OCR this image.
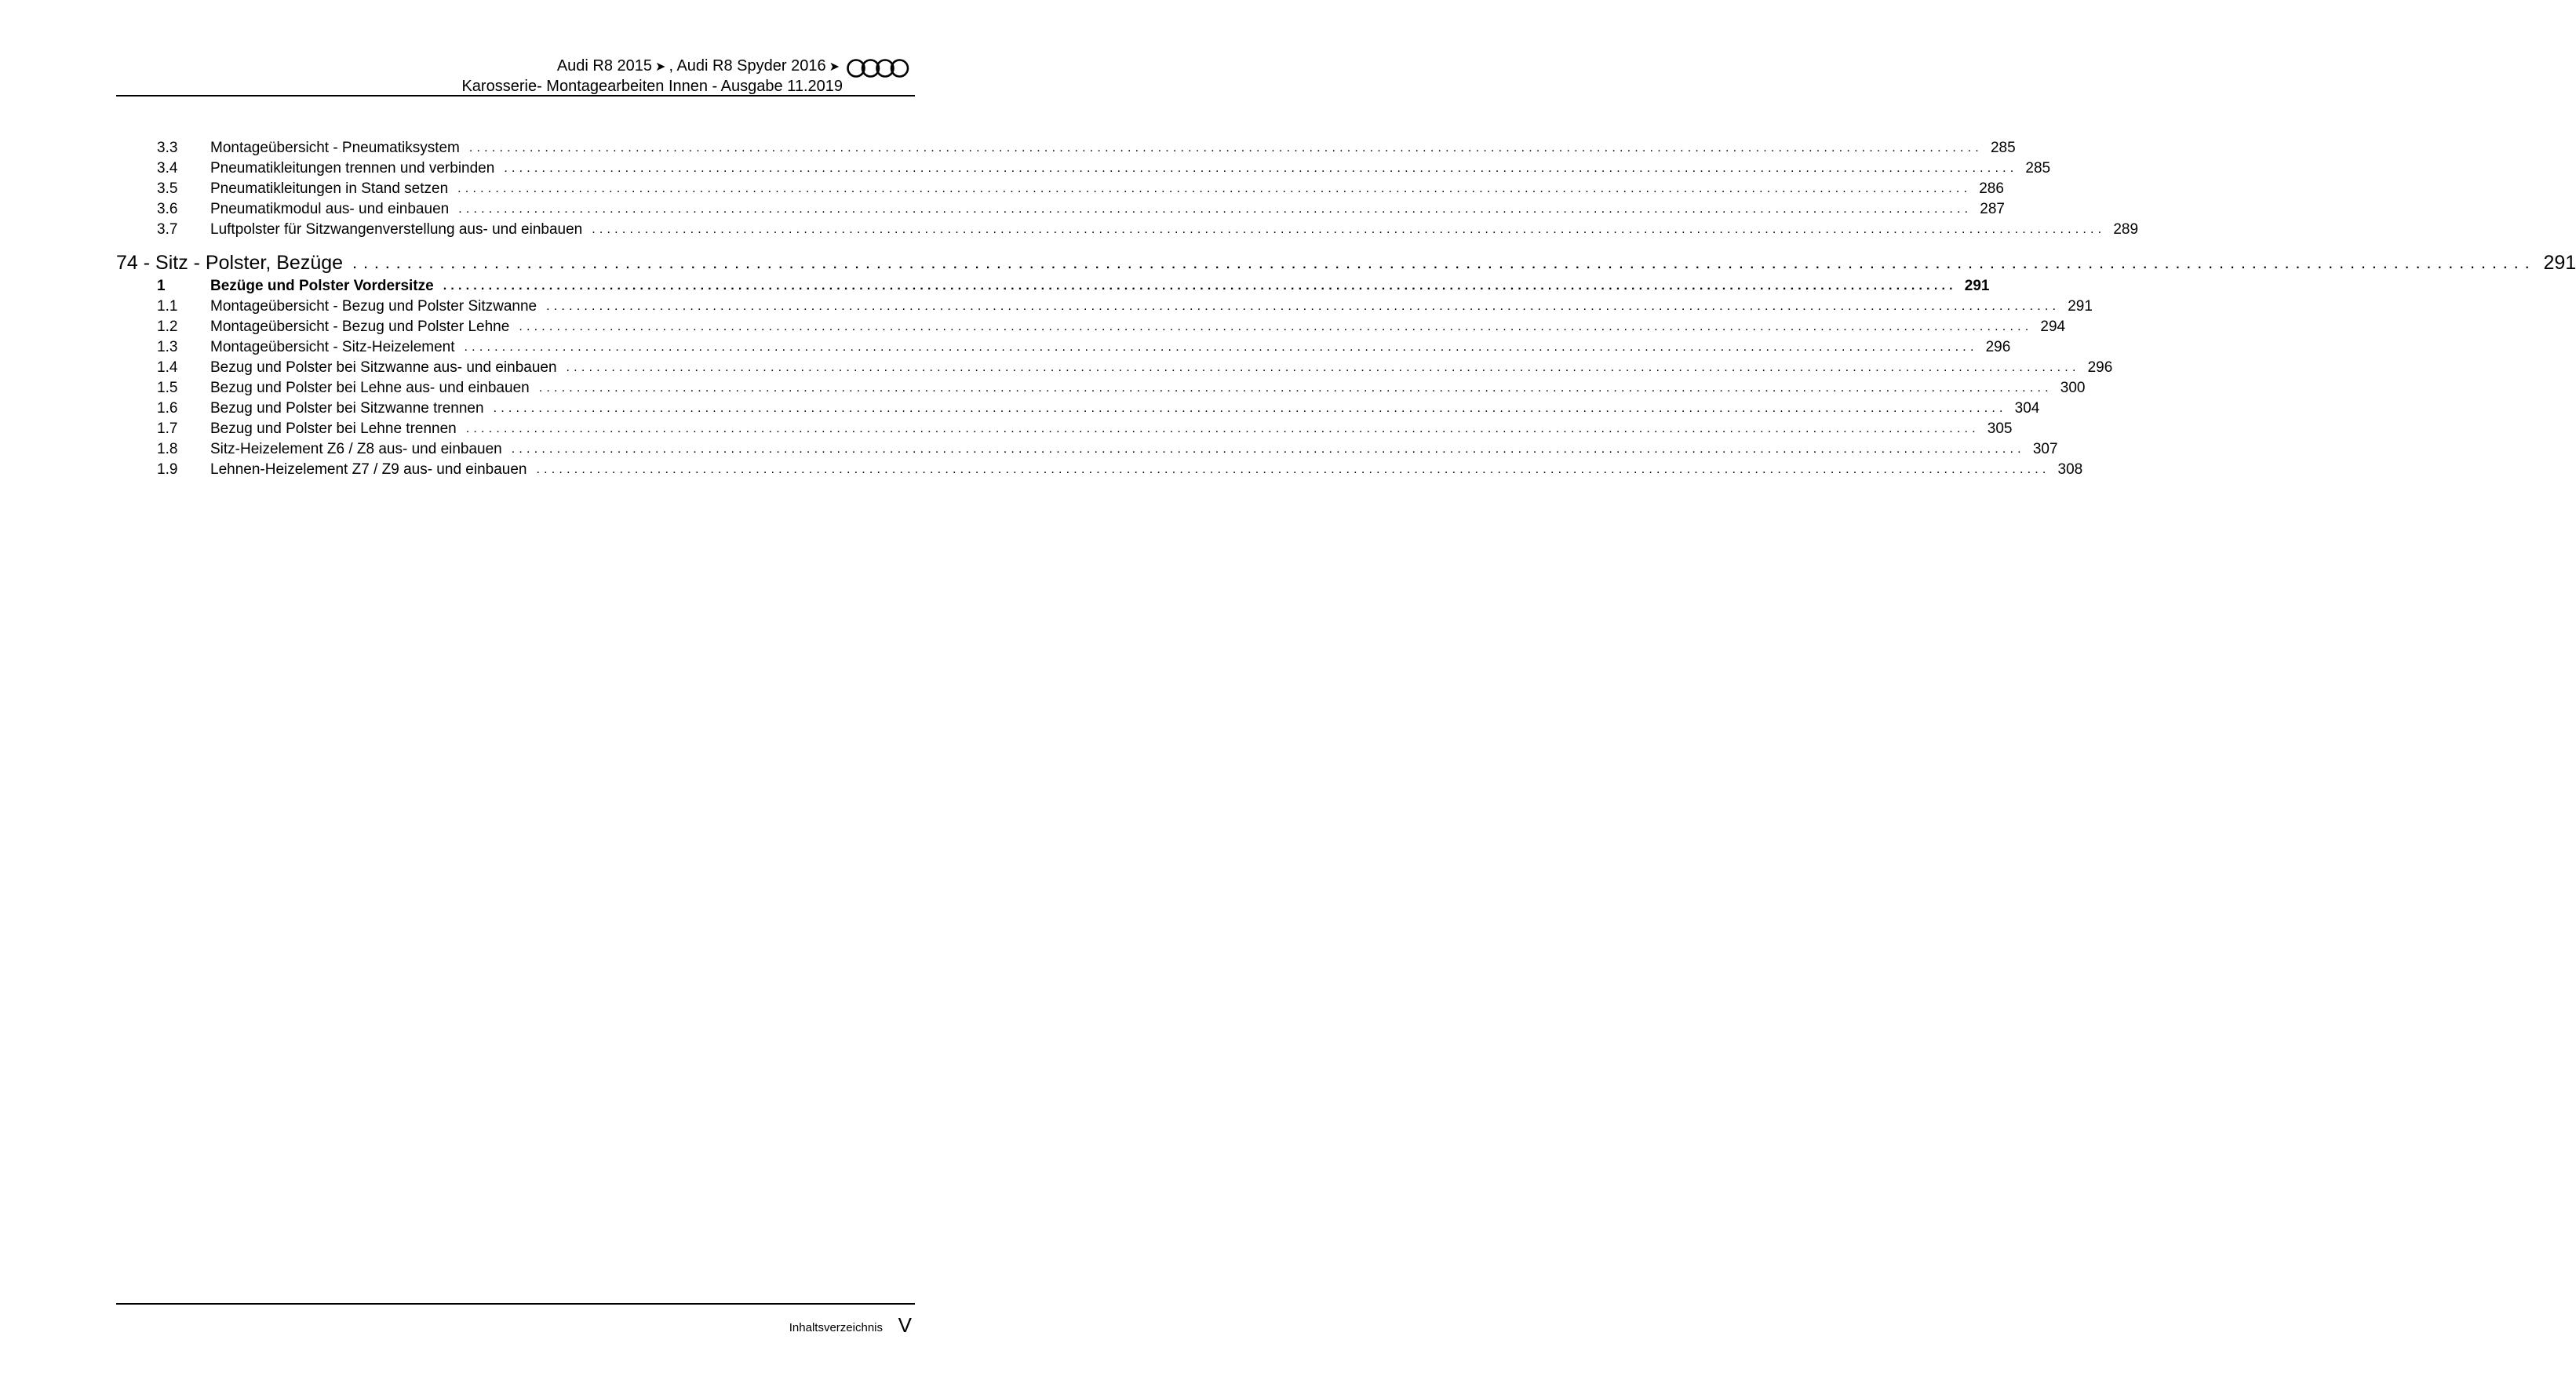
Audi R8 2015 ➤ , Audi R8 Spyder 2016 ➤
Karosserie- Montagearbeiten Innen - Ausgabe 11.2019
3.3	Montageübersicht - Pneumatiksystem ........................................................................................................................................................................................................ 285
3.4	Pneumatikleitungen trennen und verbinden ........................................................................................................................................................................................................ 285
3.5	Pneumatikleitungen in Stand setzen ........................................................................................................................................................................................................ 286
3.6	Pneumatikmodul aus- und einbauen ........................................................................................................................................................................................................ 287
3.7	Luftpolster für Sitzwangenverstellung aus- und einbauen ........................................................................................................................................................................................................ 289
74 - Sitz - Polster, Bezüge ........................................................................................................................................................................................................ 291
1	Bezüge und Polster Vordersitze ........................................................................................................................................................................................................ 291
1.1	Montageübersicht - Bezug und Polster Sitzwanne ........................................................................................................................................................................................................ 291
1.2	Montageübersicht - Bezug und Polster Lehne ........................................................................................................................................................................................................ 294
1.3	Montageübersicht - Sitz-Heizelement ........................................................................................................................................................................................................ 296
1.4	Bezug und Polster bei Sitzwanne aus- und einbauen ........................................................................................................................................................................................................ 296
1.5	Bezug und Polster bei Lehne aus- und einbauen ........................................................................................................................................................................................................ 300
1.6	Bezug und Polster bei Sitzwanne trennen ........................................................................................................................................................................................................ 304
1.7	Bezug und Polster bei Lehne trennen ........................................................................................................................................................................................................ 305
1.8	Sitz-Heizelement Z6 / Z8 aus- und einbauen ........................................................................................................................................................................................................ 307
1.9	Lehnen-Heizelement Z7 / Z9 aus- und einbauen ........................................................................................................................................................................................................ 308
Inhaltsverzeichnis V
